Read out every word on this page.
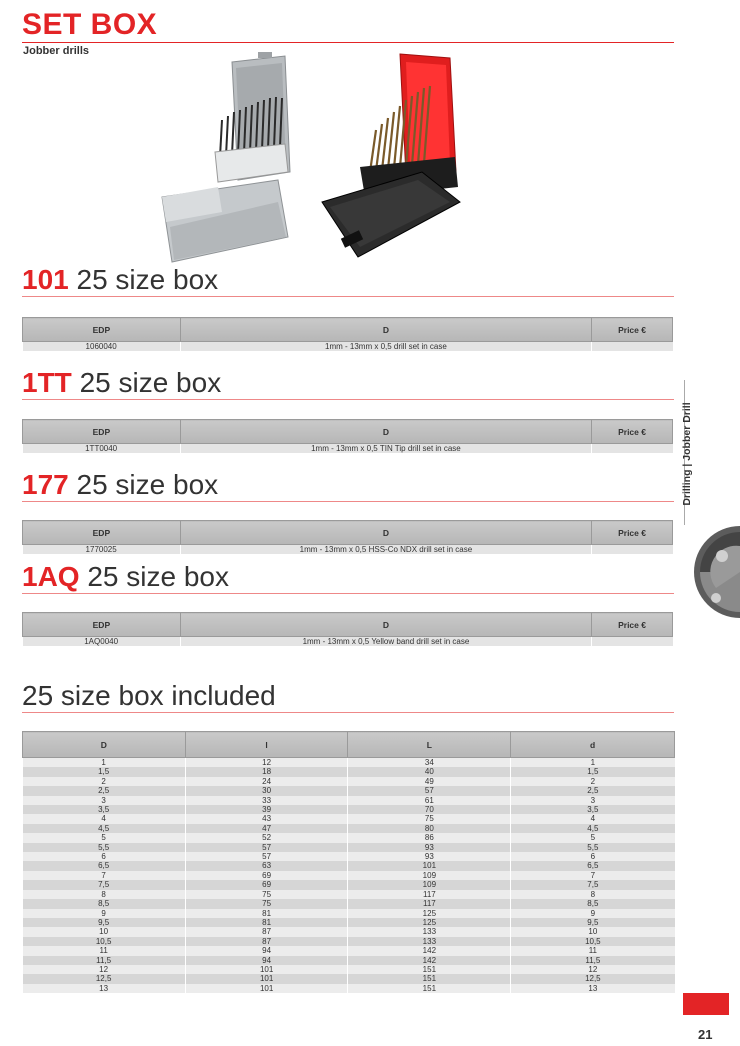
SET BOX
Jobber drills
101 25 size box
EDP	D	Price €
1060040	1mm - 13mm x 0,5 drill set in case	
1TT 25 size box
EDP	D	Price €
1TT0040	1mm - 13mm x 0,5 TIN Tip drill set in case	
177 25 size box
EDP	D	Price €
1770025	1mm - 13mm x 0,5 HSS-Co NDX drill set in case	
1AQ 25 size box
EDP	D	Price €
1AQ0040	1mm - 13mm x 0,5 Yellow band drill set in case	
25 size box included
D	l	L	d
1	12	34	1
1,5	18	40	1,5
2	24	49	2
2,5	30	57	2,5
3	33	61	3
3,5	39	70	3,5
4	43	75	4
4,5	47	80	4,5
5	52	86	5
5,5	57	93	5,5
6	57	93	6
6,5	63	101	6,5
7	69	109	7
7,5	69	109	7,5
8	75	117	8
8,5	75	117	8,5
9	81	125	9
9,5	81	125	9,5
10	87	133	10
10,5	87	133	10,5
11	94	142	11
11,5	94	142	11,5
12	101	151	12
12,5	101	151	12,5
13	101	151	13
Drilling | Jobber Drill
21
